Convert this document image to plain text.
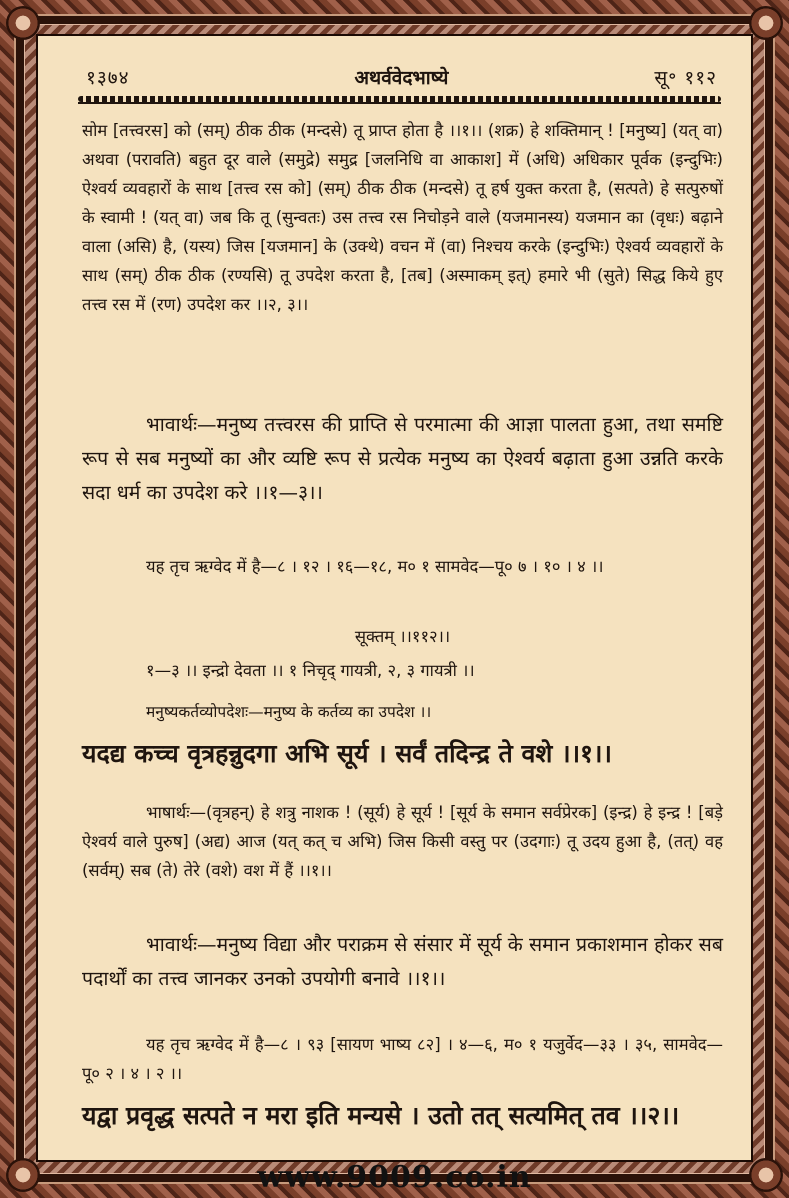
१३७४	अथर्ववेदभाष्ये	सू॰ ११२
सोम [तत्त्वरस] को (सम्) ठीक ठीक (मन्दसे) तू प्राप्त होता है ।।१।। (शक्र) हे शक्तिमान् ! [मनुष्य] (यत् वा) अथवा (परावति) बहुत दूर वाले (समुद्रे) समुद्र [जलनिधि वा आकाश] में (अधि) अधिकार पूर्वक (इन्दुभिः) ऐश्वर्य व्यवहारों के साथ [तत्त्व रस को] (सम्) ठीक ठीक (मन्दसे) तू हर्ष युक्त करता है, (सत्पते) हे सत्पुरुषों के स्वामी ! (यत् वा) जब कि तू (सुन्वतः) उस तत्त्व रस निचोड़ने वाले (यजमानस्य) यजमान का (वृधः) बढ़ाने वाला (असि) है, (यस्य) जिस [यजमान] के (उक्थे) वचन में (वा) निश्चय करके (इन्दुभिः) ऐश्वर्य व्यवहारों के साथ (सम्) ठीक ठीक (रण्यसि) तू उपदेश करता है, [तब] (अस्माकम् इत्) हमारे भी (सुते) सिद्ध किये हुए तत्त्व रस में (रण) उपदेश कर ।।२, ३।।
भावार्थः—मनुष्य तत्त्वरस की प्राप्ति से परमात्मा की आज्ञा पालता हुआ, तथा समष्टि रूप से सब मनुष्यों का और व्यष्टि रूप से प्रत्येक मनुष्य का ऐश्वर्य बढ़ाता हुआ उन्नति करके सदा धर्म का उपदेश करे ।।१—३।।
यह तृच ऋग्वेद में है—८ । १२ । १६—१८, म० १ सामवेद—पू० ७ । १० । ४ ।।
सूक्तम् ।।११२।।
१—३ ।। इन्द्रो देवता ।। १ निचृद् गायत्री, २, ३ गायत्री ।।
मनुष्यकर्तव्योपदेशः—मनुष्य के कर्तव्य का उपदेश ।।
यदद्य कच्च वृत्रहन्नुदगा अभि सूर्य । सर्वं तदिन्द्र ते वशे ।।१।।
भाषार्थः—(वृत्रहन्) हे शत्रु नाशक ! (सूर्य) हे सूर्य ! [सूर्य के समान सर्वप्रेरक] (इन्द्र) हे इन्द्र ! [बड़े ऐश्वर्य वाले पुरुष] (अद्य) आज (यत् कत् च अभि) जिस किसी वस्तु पर (उदगाः) तू उदय हुआ है, (तत्) वह (सर्वम्) सब (ते) तेरे (वशे) वश में हैं ।।१।।
भावार्थः—मनुष्य विद्या और पराक्रम से संसार में सूर्य के समान प्रकाशमान होकर सब पदार्थों का तत्त्व जानकर उनको उपयोगी बनावे ।।१।।
यह तृच ऋग्वेद में है—८ । ९३ [सायण भाष्य ८२] । ४—६, म० १ यजुर्वेद—३३ । ३५, सामवेद—पू० २ । ४ । २ ।।
यद्वा प्रवृद्ध सत्पते न मरा इति मन्यसे । उतो तत् सत्यमित् तव ।।२।।
www.9009.co.in
